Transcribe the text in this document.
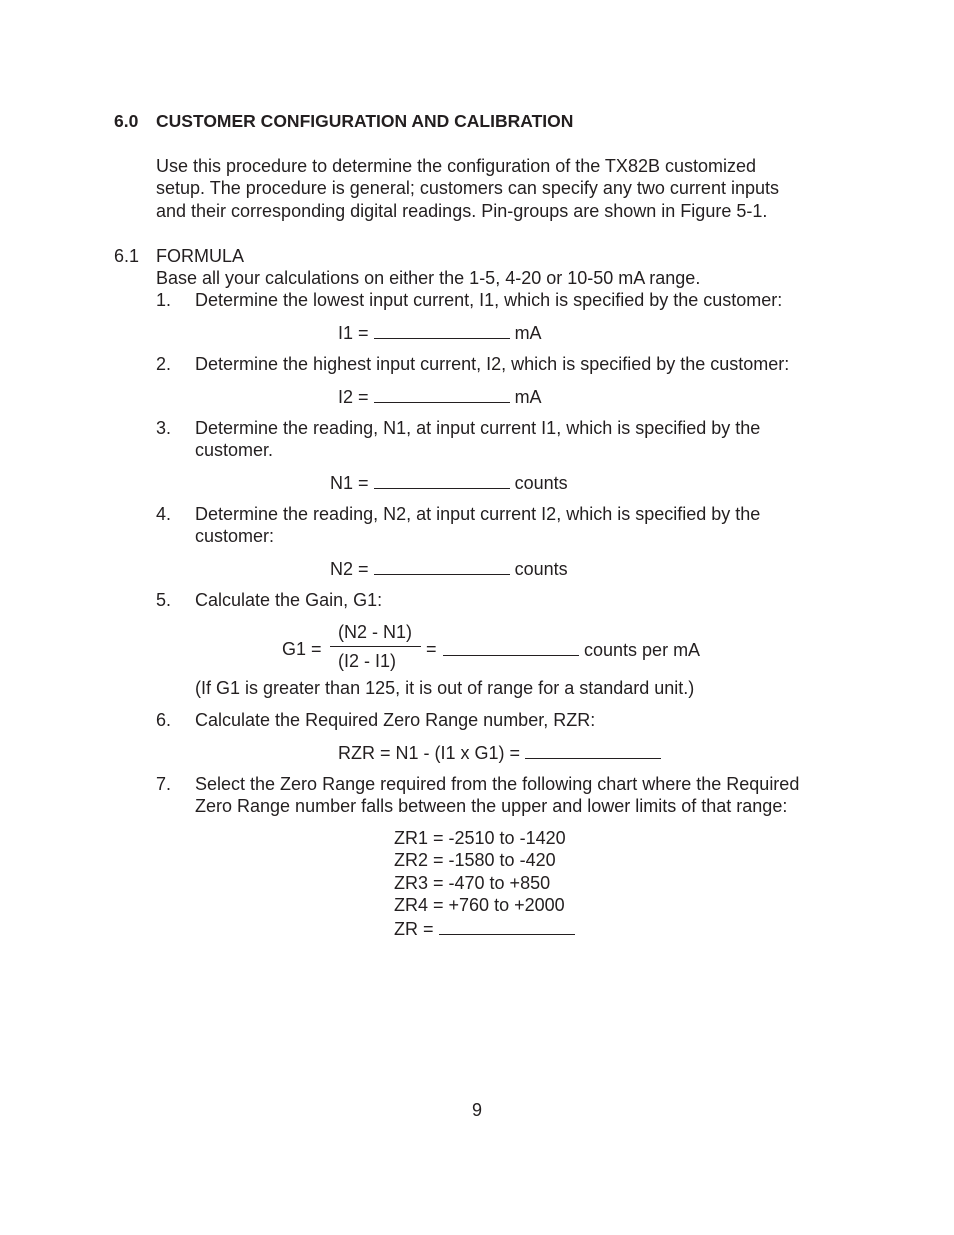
6.0 CUSTOMER CONFIGURATION AND CALIBRATION
Use this procedure to determine the configuration of the TX82B customized
setup. The procedure is general; customers can specify any two current inputs
and their corresponding digital readings. Pin-groups are shown in Figure 5-1.
6.1 FORMULA
Base all your calculations on either the 1-5, 4-20 or 10-50 mA range.
1. Determine the lowest input current, I1, which is specified by the customer:
I1 =	mA
2. Determine the highest input current, I2, which is specified by the customer:
I2 =	mA
3. Determine the reading, N1, at input current I1, which is specified by the
customer.
N1 =	counts
4. Determine the reading, N2, at input current I2, which is specified by the
customer:
N2 =	counts
5. Calculate the Gain, G1:
G1 =
(N2 - N1)
(I2 - I1)
=	counts per mA
(If G1 is greater than 125, it is out of range for a standard unit.)
6. Calculate the Required Zero Range number, RZR:
RZR = N1 - (I1 x G1) =
7. Select the Zero Range required from the following chart where the Required
Zero Range number falls between the upper and lower limits of that range:
ZR1 = -2510 to -1420
ZR2 = -1580 to -420
ZR3 = -470 to +850
ZR4 = +760 to +2000
ZR =
9
